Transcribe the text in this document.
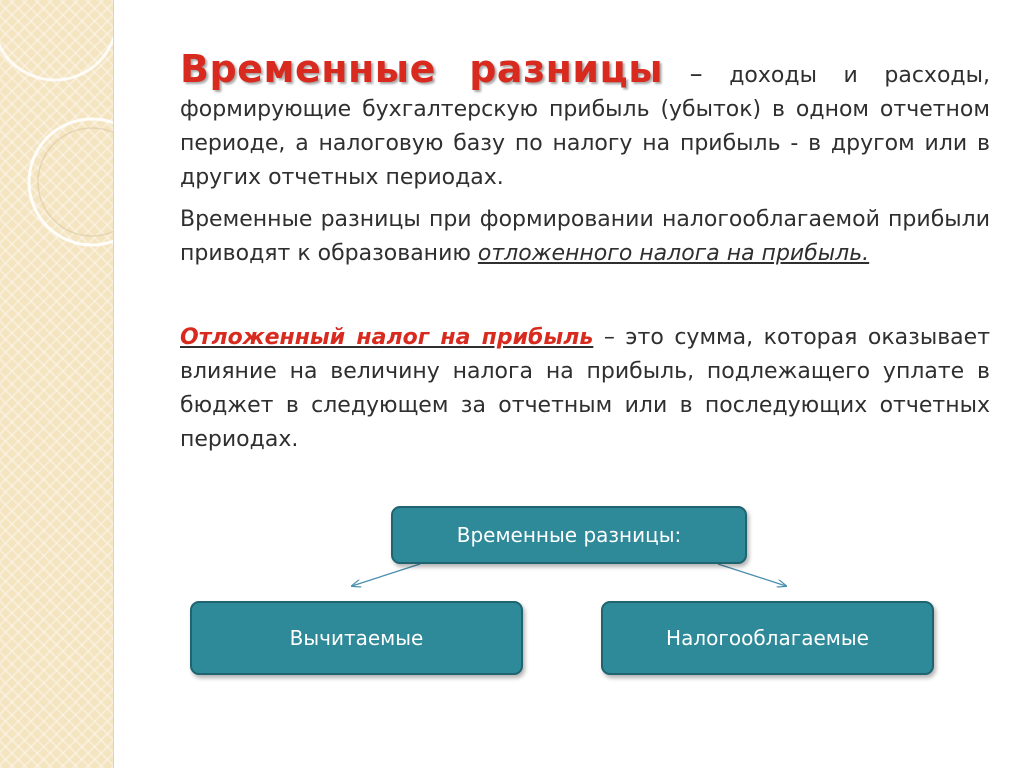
Временные разницы – доходы и расходы, формирующие бухгалтерскую прибыль (убыток) в одном отчетном периоде, а налоговую базу по налогу на прибыль - в другом или в других отчетных периодах.

Временные разницы при формировании налогооблагаемой прибыли приводят к образованию отложенного налога на прибыль.

Отложенный налог на прибыль – это сумма, которая оказывает влияние на величину налога на прибыль, подлежащего уплате в бюджет в следующем за отчетным или в последующих отчетных периодах.

Временные разницы:
Вычитаемые	Налогооблагаемые
